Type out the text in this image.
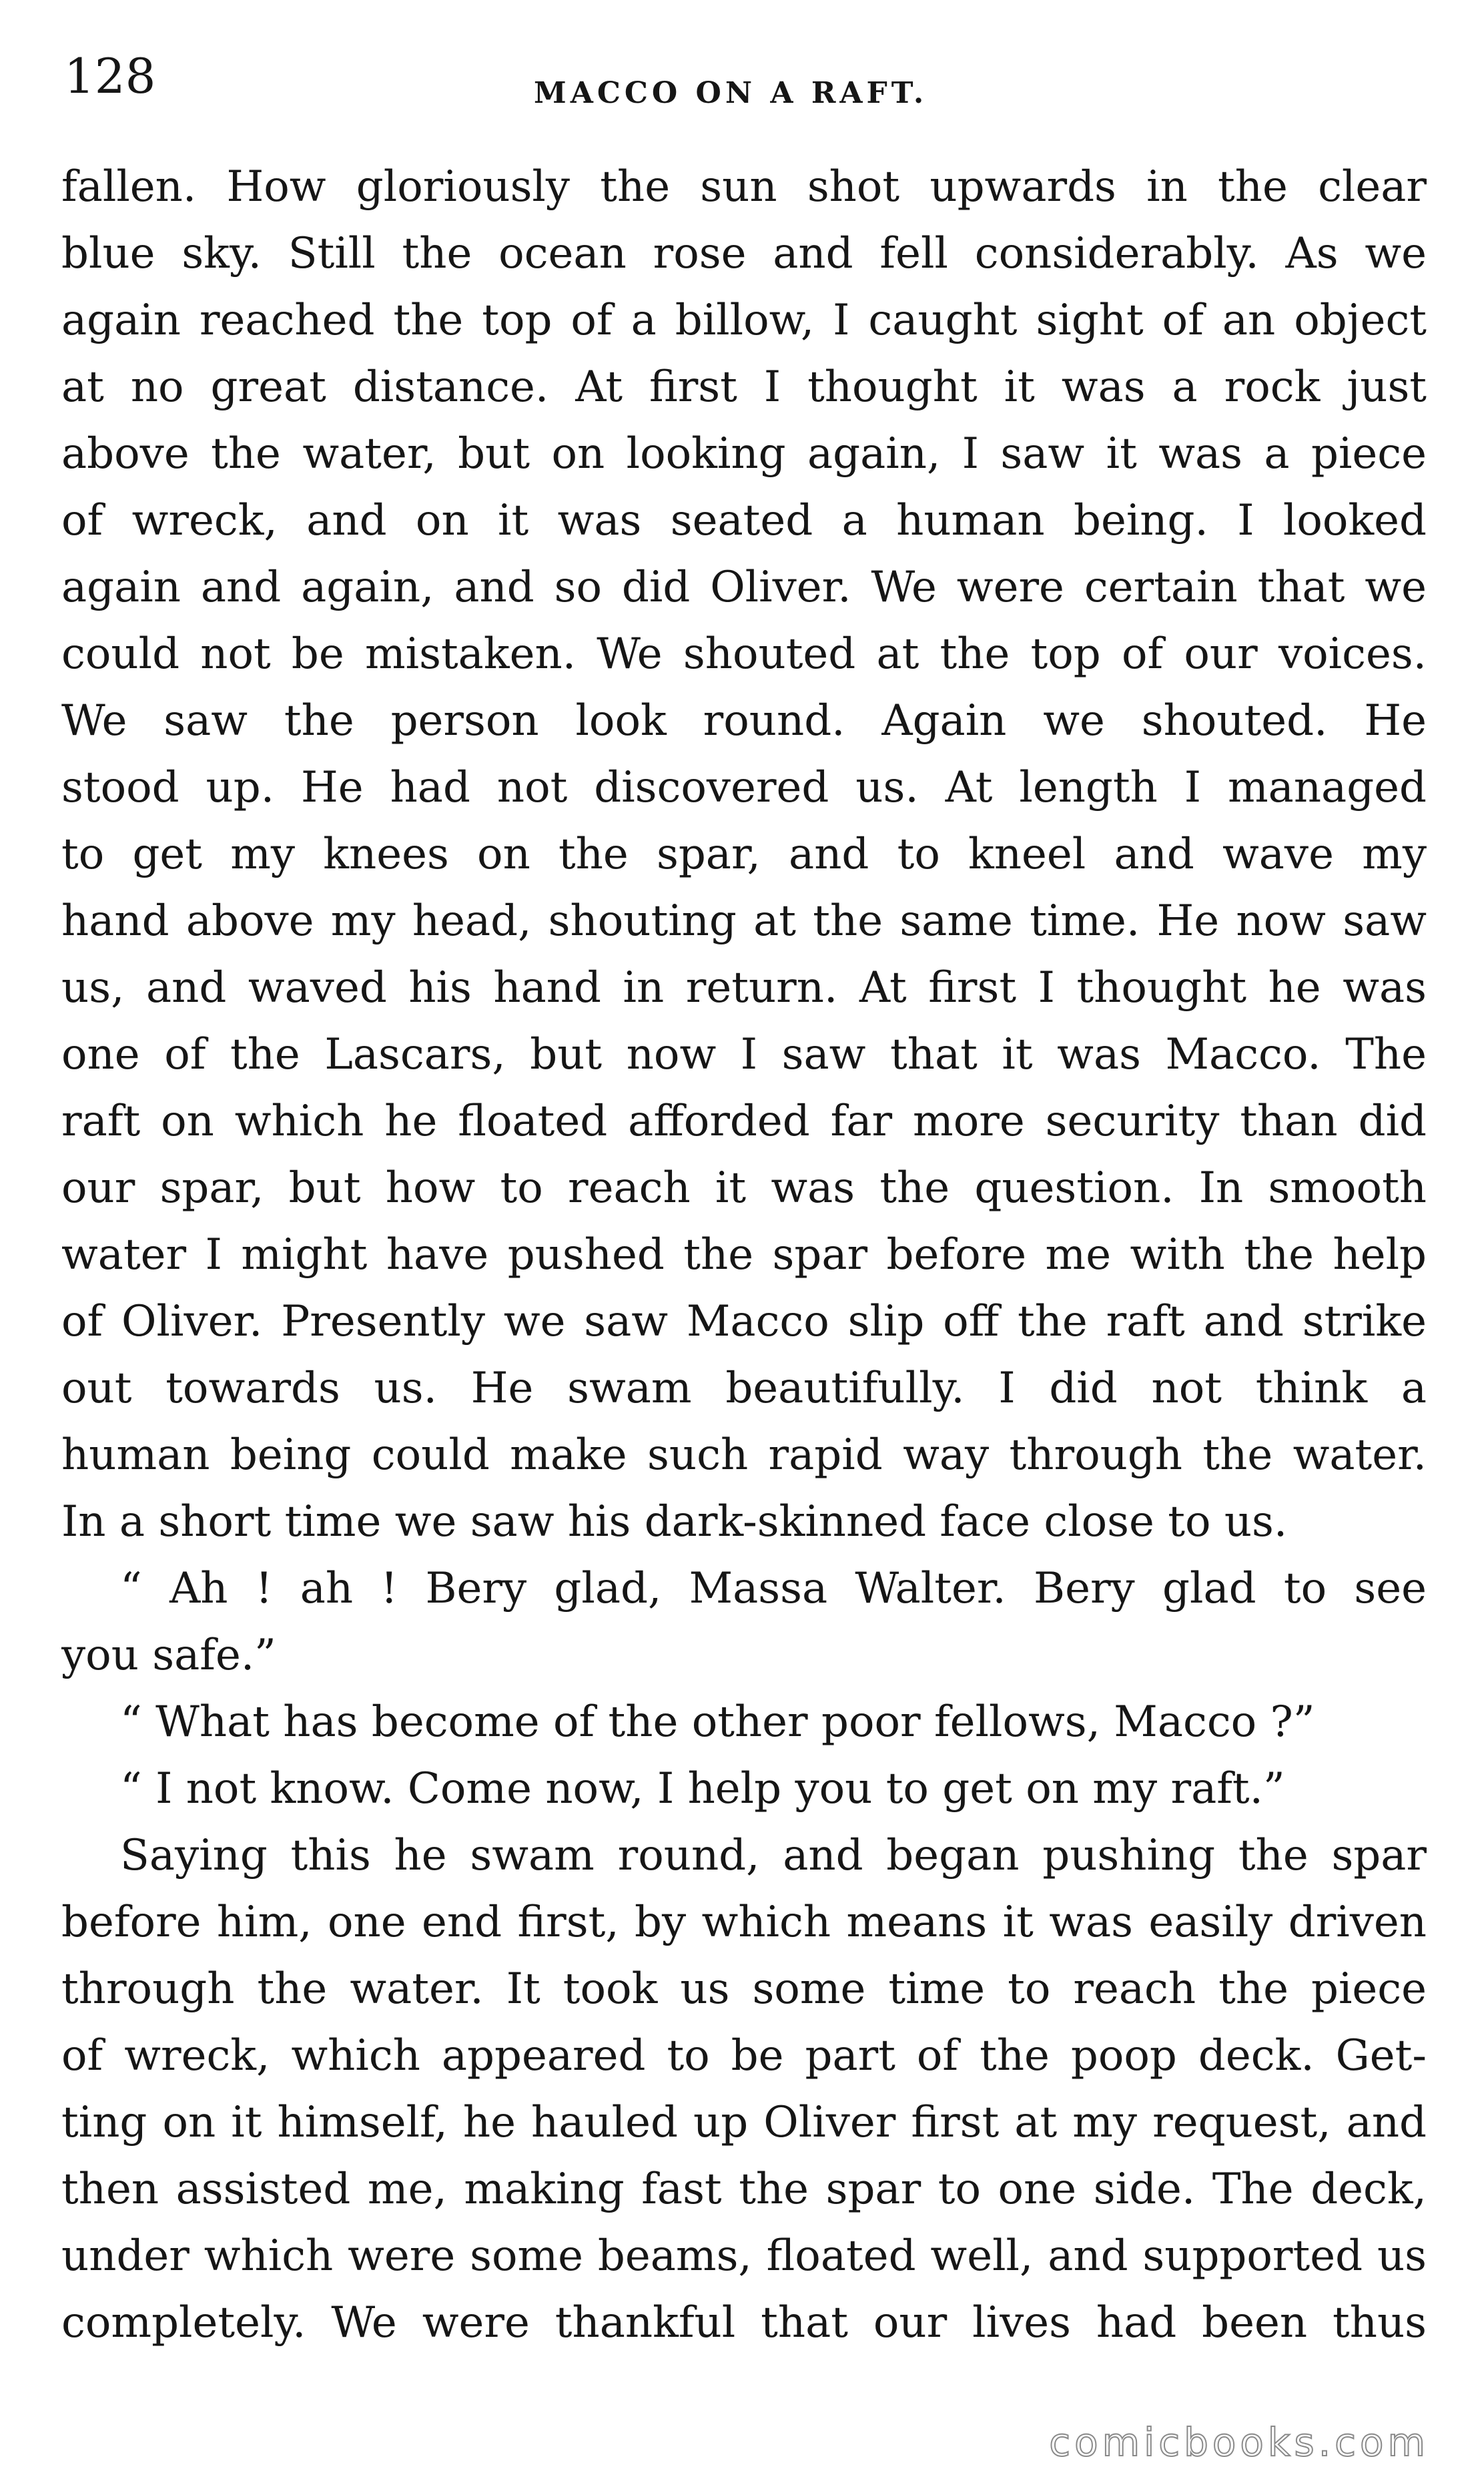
128	MACCO ON A RAFT.
fallen. How gloriously the sun shot upwards in the clear
blue sky. Still the ocean rose and fell considerably. As we
again reached the top of a billow, I caught sight of an object
at no great distance. At first I thought it was a rock just
above the water, but on looking again, I saw it was a piece
of wreck, and on it was seated a human being. I looked
again and again, and so did Oliver. We were certain that we
could not be mistaken. We shouted at the top of our voices.
We saw the person look round. Again we shouted. He
stood up. He had not discovered us. At length I managed
to get my knees on the spar, and to kneel and wave my
hand above my head, shouting at the same time. He now saw
us, and waved his hand in return. At first I thought he was
one of the Lascars, but now I saw that it was Macco. The
raft on which he floated afforded far more security than did
our spar, but how to reach it was the question. In smooth
water I might have pushed the spar before me with the help
of Oliver. Presently we saw Macco slip off the raft and strike
out towards us. He swam beautifully. I did not think a
human being could make such rapid way through the water.
In a short time we saw his dark-skinned face close to us.
“ Ah ! ah ! Bery glad, Massa Walter. Bery glad to see
you safe.”
“ What has become of the other poor fellows, Macco ?”
“ I not know. Come now, I help you to get on my raft.”
Saying this he swam round, and began pushing the spar
before him, one end first, by which means it was easily driven
through the water. It took us some time to reach the piece
of wreck, which appeared to be part of the poop deck. Get-
ting on it himself, he hauled up Oliver first at my request, and
then assisted me, making fast the spar to one side. The deck,
under which were some beams, floated well, and supported us
completely. We were thankful that our lives had been thus
comicbooks.com
